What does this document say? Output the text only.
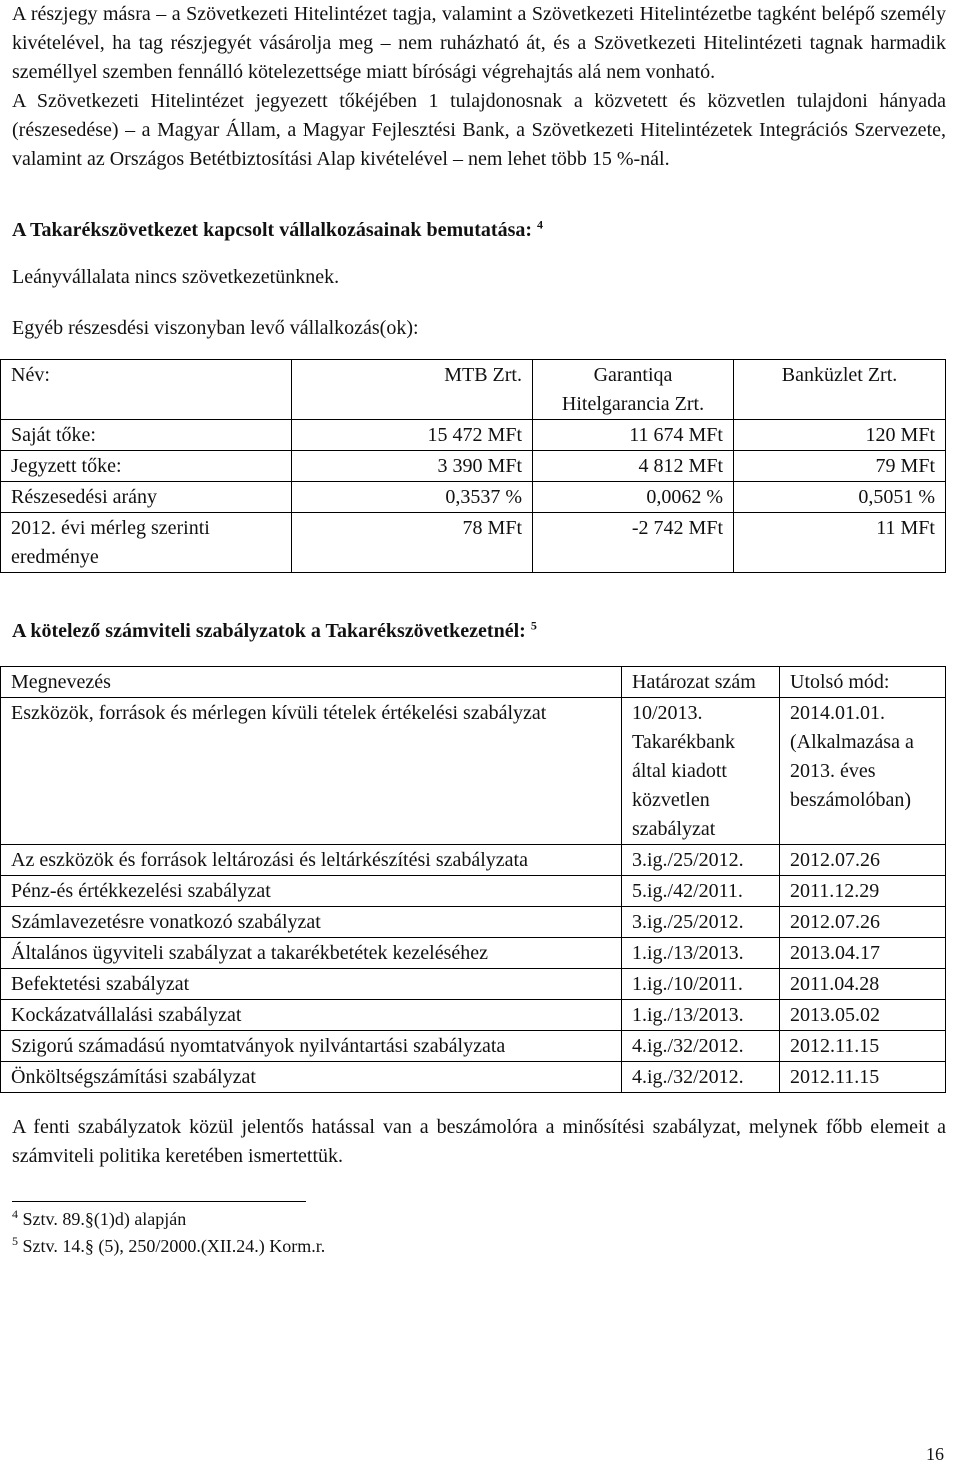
A részjegy másra – a Szövetkezeti Hitelintézet tagja, valamint a Szövetkezeti Hitelintézetbe tagként belépő személy kivételével, ha tag részjegyét vásárolja meg – nem ruházható át, és a Szövetkezeti Hitelintézeti tagnak harmadik személlyel szemben fennálló kötelezettsége miatt bírósági végrehajtás alá nem vonható.

A Szövetkezeti Hitelintézet jegyezett tőkéjében 1 tulajdonosnak a közvetett és közvetlen tulajdoni hányada (részesedése) – a Magyar Állam, a Magyar Fejlesztési Bank, a Szövetkezeti Hitelintézetek Integrációs Szervezete, valamint az Országos Betétbiztosítási Alap kivételével – nem lehet több 15 %-nál.

A Takarékszövetkezet kapcsolt vállalkozásainak bemutatása: $^4$

Leányvállalata nincs szövetkezetünknek.

Egyéb részesdési viszonyban levő vállalkozás(ok):

Név:	MTB Zrt.	Garantiqa Hitelgarancia Zrt.	Banküzlet Zrt.
Saját tőke:	15 472 MFt	11 674 MFt	120 MFt
Jegyzett tőke:	3 390 MFt	4 812 MFt	79 MFt
Részesedési arány	0,3537 %	0,0062 %	0,5051 %
2012. évi mérleg szerinti eredménye	78 MFt	-2 742 MFt	11 MFt

A kötelező számviteli szabályzatok a Takarékszövetkezetnél: $^5$

Megnevezés	Határozat szám	Utolsó mód:
Eszközök, források és mérlegen kívüli tételek értékelési szabályzat	10/2013. Takarékbank által kiadott közvetlen szabályzat	2014.01.01. (Alkalmazása a 2013. éves beszámolóban)
Az eszközök és források leltározási és leltárkészítési szabályzata	3.ig./25/2012.	2012.07.26
Pénz-és értékkezelési szabályzat	5.ig./42/2011.	2011.12.29
Számlavezetésre vonatkozó szabályzat	3.ig./25/2012.	2012.07.26
Általános ügyviteli szabályzat a takarékbetétek kezeléséhez	1.ig./13/2013.	2013.04.17
Befektetési szabályzat	1.ig./10/2011.	2011.04.28
Kockázatvállalási szabályzat	1.ig./13/2013.	2013.05.02
Szigorú számadású nyomtatványok nyilvántartási szabályzata	4.ig./32/2012.	2012.11.15
Önköltségszámítási szabályzat	4.ig./32/2012.	2012.11.15

A fenti szabályzatok közül jelentős hatással van a beszámolóra a minősítési szabályzat, melynek főbb elemeit a számviteli politika keretében ismertettük.

$^4$ Sztv. 89.§(1)d) alapján

$^5$ Sztv. 14.§ (5), 250/2000.(XII.24.) Korm.r.

16
